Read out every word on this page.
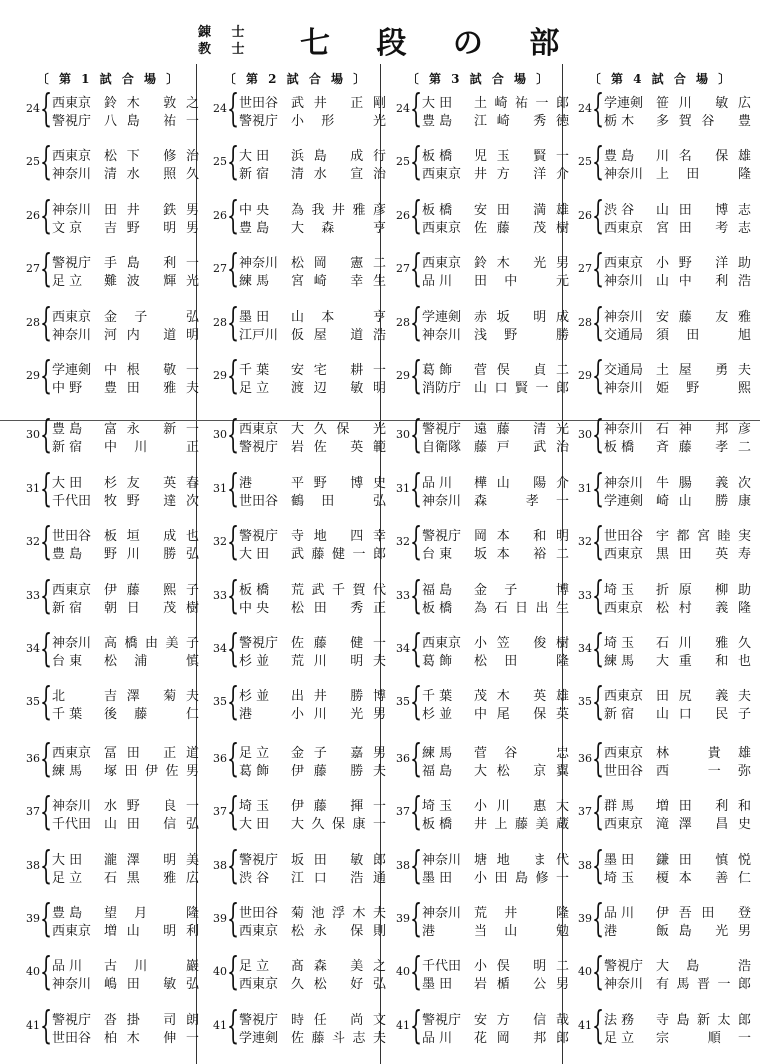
錬 士
教 士 七 段 の 部
〔 第 1 試 合 場 〕
24 { 西東京 鈴木 敦之
警視庁 八島 祐一
25 { 西東京 松下 修治
神奈川 清水 照久
26 { 神奈川 田井 鉄男
文 京	吉野 明男
27 { 警視庁 手島 利一
足 立	難波 輝光
28 { 西東京 金子 弘
神奈川 河内 道明
29 { 学連剣 中根 敬一
中 野	豊田 雅夫
30 { 豊 島	富永 新一
新 宿	中川 正
31 { 大 田	杉友 英春
千代田 牧野 達次
32 { 世田谷 板垣 成也
豊 島	野川 勝弘
33 { 西東京 伊藤 熙子
新 宿	朝日 茂樹
34 { 神奈川 高橋由美子
台 東	松浦 慎
35 { 北	吉澤 菊夫
千 葉	後藤 仁
36 { 西東京 冨田 正道
練 馬	塚田伊佐男
37 { 神奈川 水野 良一
千代田 山田 信弘
38 { 大 田	瀧澤 明美
足 立	石黒 雅広
39 { 豊 島	望月 隆
西東京 増山 明利
40 { 品 川	古川 巖
神奈川 嶋田 敏弘
41 { 警視庁 沓掛 司朗
世田谷 柏木 伸一
〔 第 2 試 合 場 〕
24 { 世田谷 武井 正剛
警視庁 小形 光
25 { 大 田	浜島 成行
新 宿	清水 宣治
26 { 中 央	為我井雅彦
豊 島	大森 亨
27 { 神奈川 松岡 憲二
練 馬	宮崎 幸生
28 { 墨 田	山本 亨
江戸川 仮屋 道浩
29 { 千 葉	安宅 耕一
足 立	渡辺 敏明
30 { 西東京 大久保 光
警視庁 岩佐 英範
31 { 港	平野 博史
世田谷 鶴田 弘
32 { 警視庁 寺地 四幸
大 田	武藤健一郎
33 { 板 橋	荒武千賀代
中 央	松田 秀正
34 { 警視庁 佐藤 健一
杉 並	荒川 明夫
35 { 杉 並	出井 勝博
港	小川 光男
36 { 足 立	金子 嘉男
葛 飾	伊藤 勝夫
37 { 埼 玉	伊藤 揮一
大 田	大久保康一
38 { 警視庁 坂田 敏郎
渋 谷	江口 浩通
39 { 世田谷 菊池浮木夫
西東京 松永 保則
40 { 足 立	髙森 美之
西東京 久松 好弘
41 { 警視庁 時任 尚文
学連剣 佐藤斗志夫
〔 第 3 試 合 場 〕
24 { 大 田	土崎祐一郎
豊 島	江崎 秀徳
25 { 板 橋	児玉 賢一
西東京 井方 洋介
26 { 板 橋	安田 満雄
西東京 佐藤 茂樹
27 { 西東京 鈴木 光男
品 川	田中 元
28 { 学連剣 赤坂 明成
神奈川 浅野 勝
29 { 葛 飾	菅俣 貞二
消防庁 山口賢一郎
30 { 警視庁 遠藤 清光
自衛隊 藤戸 武治
31 { 品 川	樺山 陽介
神奈川 森 孝一
32 { 警視庁 岡本 和明
台 東	坂本 裕二
33 { 福 島	金子 博
板 橋	為石日出生
34 { 西東京 小笠 俊樹
葛 飾	松田 隆
35 { 千 葉	茂木 英雄
杉 並	中尾 保英
36 { 練 馬	菅谷 忠
福 島	大松 京翼
37 { 埼 玉	小川 惠大
板 橋	井上藤美蔵
38 { 神奈川 塘地 ま代
墨 田	小田島修一
39 { 神奈川 荒井 隆
港	当山 勉
40 { 千代田 小俣 明二
墨 田	岩楯 公男
41 { 警視庁 安方 信哉
品 川	花岡 邦郎
〔 第 4 試 合 場 〕
24 { 学連剣 笹川 敏広
栃 木	多賀谷 豊
25 { 豊 島	川名 保雄
神奈川 上田 隆
26 { 渋 谷	山田 博志
西東京 宮田 考志
27 { 西東京 小野 洋助
神奈川 山中 利浩
28 { 神奈川 安藤 友雅
交通局 須田 旭
29 { 交通局 土屋 勇夫
神奈川 姫野 熙
30 { 神奈川 石神 邦彦
板 橋	斉藤 孝二
31 { 神奈川 牛腸 義次
学連剣 崎山 勝康
32 { 世田谷 宇都宮睦実
西東京 黒田 英寿
33 { 埼 玉	折原 柳助
西東京 松村 義隆
34 { 埼 玉	石川 雅久
練 馬	大重 和也
35 { 西東京 田尻 義夫
新 宿	山口 民子
36 { 西東京 林 貴雄
世田谷 西 一弥
37 { 群 馬	増田 利和
西東京 滝澤 昌史
38 { 墨 田	鎌田 慎悦
埼 玉	榎本 善仁
39 { 品 川	伊吾田 登
港	飯島 光男
40 { 警視庁 大島 浩
神奈川 有馬晋一郎
41 { 法 務	寺島新太郎
足 立	宗 順一
